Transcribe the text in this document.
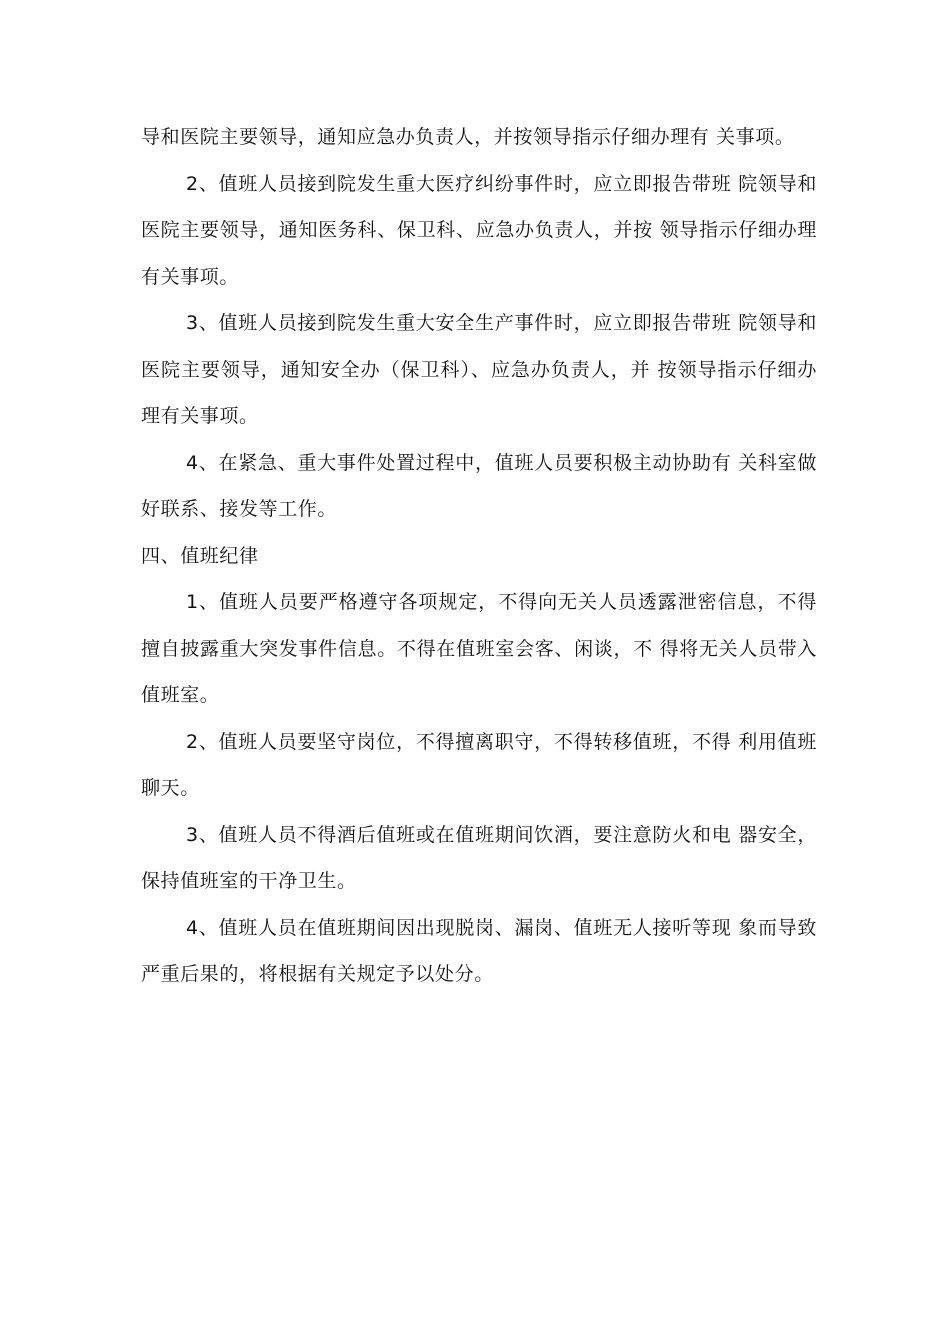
导和医院主要领导，通知应急办负责人，并按领导指示仔细办理有 关事项。

2、值班人员接到院发生重大医疗纠纷事件时，应立即报告带班 院领导和医院主要领导，通知医务科、保卫科、应急办负责人，并按 领导指示仔细办理有关事项。

3、值班人员接到院发生重大安全生产事件时，应立即报告带班 院领导和医院主要领导，通知安全办（保卫科）、应急办负责人，并 按领导指示仔细办理有关事项。

4、在紧急、重大事件处置过程中，值班人员要积极主动协助有 关科室做好联系、接发等工作。

四、值班纪律

1、值班人员要严格遵守各项规定，不得向无关人员透露泄密信息，不得擅自披露重大突发事件信息。不得在值班室会客、闲谈，不 得将无关人员带入值班室。

2、值班人员要坚守岗位，不得擅离职守，不得转移值班，不得 利用值班聊天。

3、值班人员不得酒后值班或在值班期间饮酒，要注意防火和电 器安全，保持值班室的干净卫生。

4、值班人员在值班期间因出现脱岗、漏岗、值班无人接听等现 象而导致严重后果的，将根据有关规定予以处分。
